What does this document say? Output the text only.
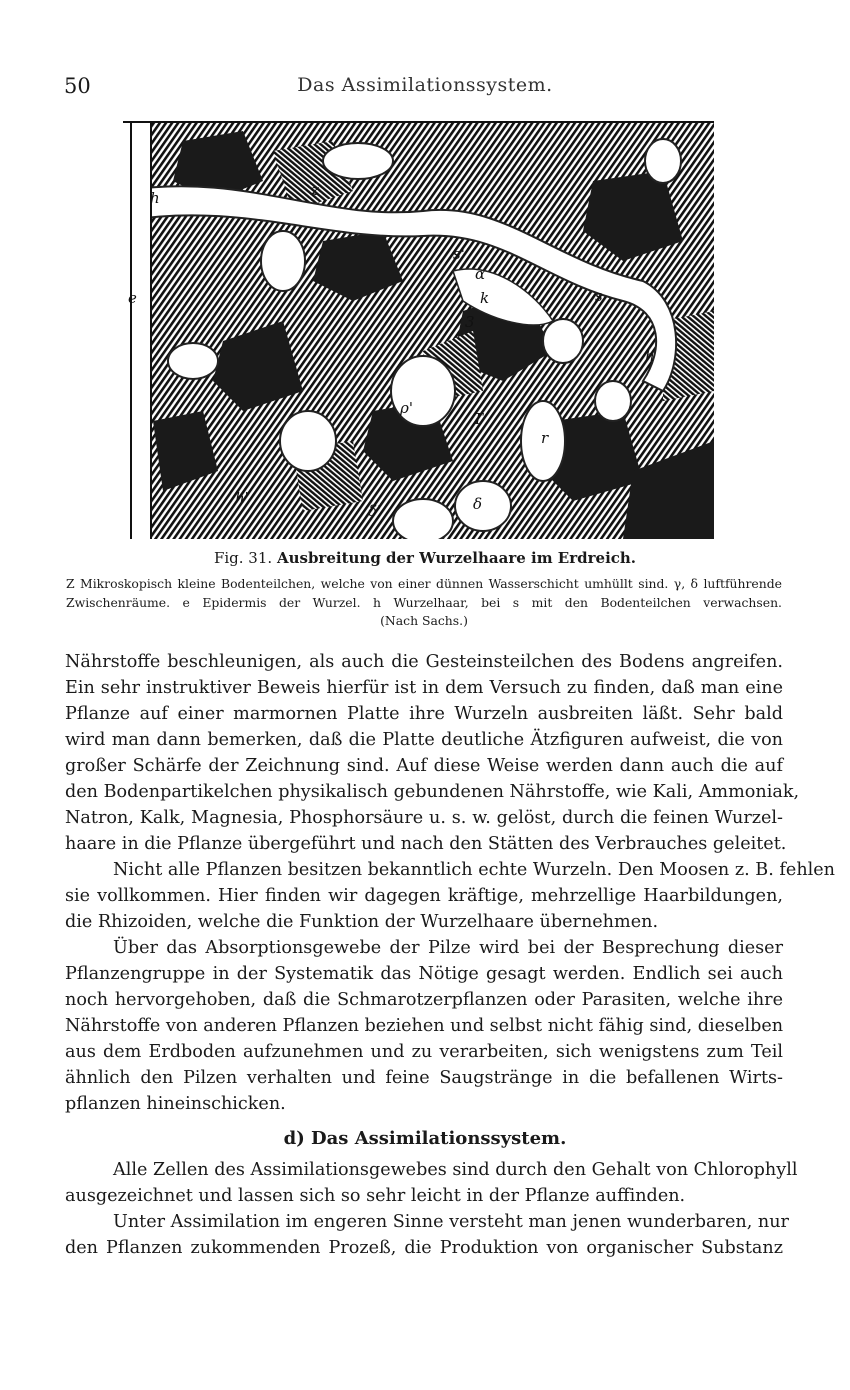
50	Das Assimilationssystem.
h	z
e
s'
α
k	s
3
h
ρ'
T
r
δ'	δ
h'
Fig. 31. Ausbreitung der Wurzelhaare im Erdreich.
Z Mikroskopisch kleine Bodenteilchen, welche von einer dünnen Wasserschicht umhüllt sind. γ, δ luftführende
Zwischenräume. e Epidermis der Wurzel. h Wurzelhaar, bei s mit den Bodenteilchen verwachsen.
(Nach Sachs.)
Nährstoffe beschleunigen, als auch die Gesteinsteilchen des Bodens angreifen.
Ein sehr instruktiver Beweis hierfür ist in dem Versuch zu finden, daß man eine
Pflanze auf einer marmornen Platte ihre Wurzeln ausbreiten läßt. Sehr bald
wird man dann bemerken, daß die Platte deutliche Ätzfiguren aufweist, die von
großer Schärfe der Zeichnung sind. Auf diese Weise werden dann auch die auf
den Bodenpartikelchen physikalisch gebundenen Nährstoffe, wie Kali, Ammoniak,
Natron, Kalk, Magnesia, Phosphorsäure u. s. w. gelöst, durch die feinen Wurzel-
haare in die Pflanze übergeführt und nach den Stätten des Verbrauches geleitet.
Nicht alle Pflanzen besitzen bekanntlich echte Wurzeln. Den Moosen z. B. fehlen
sie vollkommen. Hier finden wir dagegen kräftige, mehrzellige Haarbildungen,
die Rhizoiden, welche die Funktion der Wurzelhaare übernehmen.
Über das Absorptionsgewebe der Pilze wird bei der Besprechung dieser
Pflanzengruppe in der Systematik das Nötige gesagt werden. Endlich sei auch
noch hervorgehoben, daß die Schmarotzerpflanzen oder Parasiten, welche ihre
Nährstoffe von anderen Pflanzen beziehen und selbst nicht fähig sind, dieselben
aus dem Erdboden aufzunehmen und zu verarbeiten, sich wenigstens zum Teil
ähnlich den Pilzen verhalten und feine Saugstränge in die befallenen Wirts-
pflanzen hineinschicken.
d) Das Assimilationssystem.
Alle Zellen des Assimilationsgewebes sind durch den Gehalt von Chlorophyll
ausgezeichnet und lassen sich so sehr leicht in der Pflanze auffinden.
Unter Assimilation im engeren Sinne versteht man jenen wunderbaren, nur
den Pflanzen zukommenden Prozeß, die Produktion von organischer Substanz
